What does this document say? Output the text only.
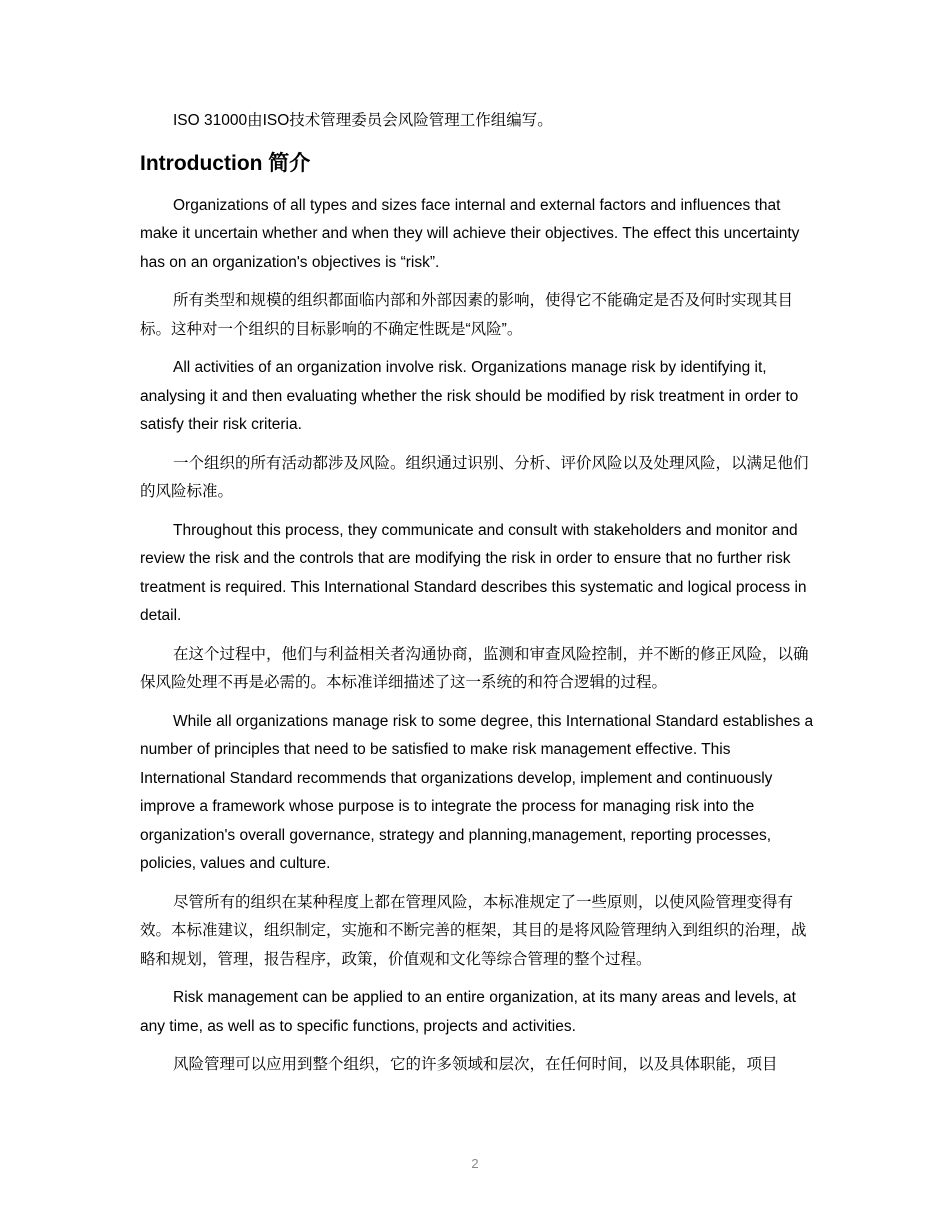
ISO 31000由ISO技术管理委员会风险管理工作组编写。

Introduction 简介

Organizations of all types and sizes face internal and external factors and influences that make it uncertain whether and when they will achieve their objectives. The effect this uncertainty has on an organization's objectives is “risk”.

所有类型和规模的组织都面临内部和外部因素的影响，使得它不能确定是否及何时实现其目标。这种对一个组织的目标影响的不确定性既是“风险”。

All activities of an organization involve risk. Organizations manage risk by identifying it, analysing it and then evaluating whether the risk should be modified by risk treatment in order to satisfy their risk criteria.

一个组织的所有活动都涉及风险。组织通过识别、分析、评价风险以及处理风险，以满足他们的风险标准。

Throughout this process, they communicate and consult with stakeholders and monitor and review the risk and the controls that are modifying the risk in order to ensure that no further risk treatment is required. This International Standard describes this systematic and logical process in detail.

在这个过程中，他们与利益相关者沟通协商，监测和审查风险控制，并不断的修正风险，以确保风险处理不再是必需的。本标准详细描述了这一系统的和符合逻辑的过程。

While all organizations manage risk to some degree, this International Standard establishes a number of principles that need to be satisfied to make risk management effective. This International Standard recommends that organizations develop, implement and continuously improve a framework whose purpose is to integrate the process for managing risk into the organization's overall governance, strategy and planning,management, reporting processes, policies, values and culture.

尽管所有的组织在某种程度上都在管理风险，本标准规定了一些原则，以使风险管理变得有效。本标准建议，组织制定，实施和不断完善的框架，其目的是将风险管理纳入到组织的治理，战略和规划，管理，报告程序，政策，价值观和文化等综合管理的整个过程。

Risk management can be applied to an entire organization, at its many areas and levels, at any time, as well as to specific functions, projects and activities.

风险管理可以应用到整个组织，它的许多领域和层次，在任何时间，以及具体职能，项目

2
